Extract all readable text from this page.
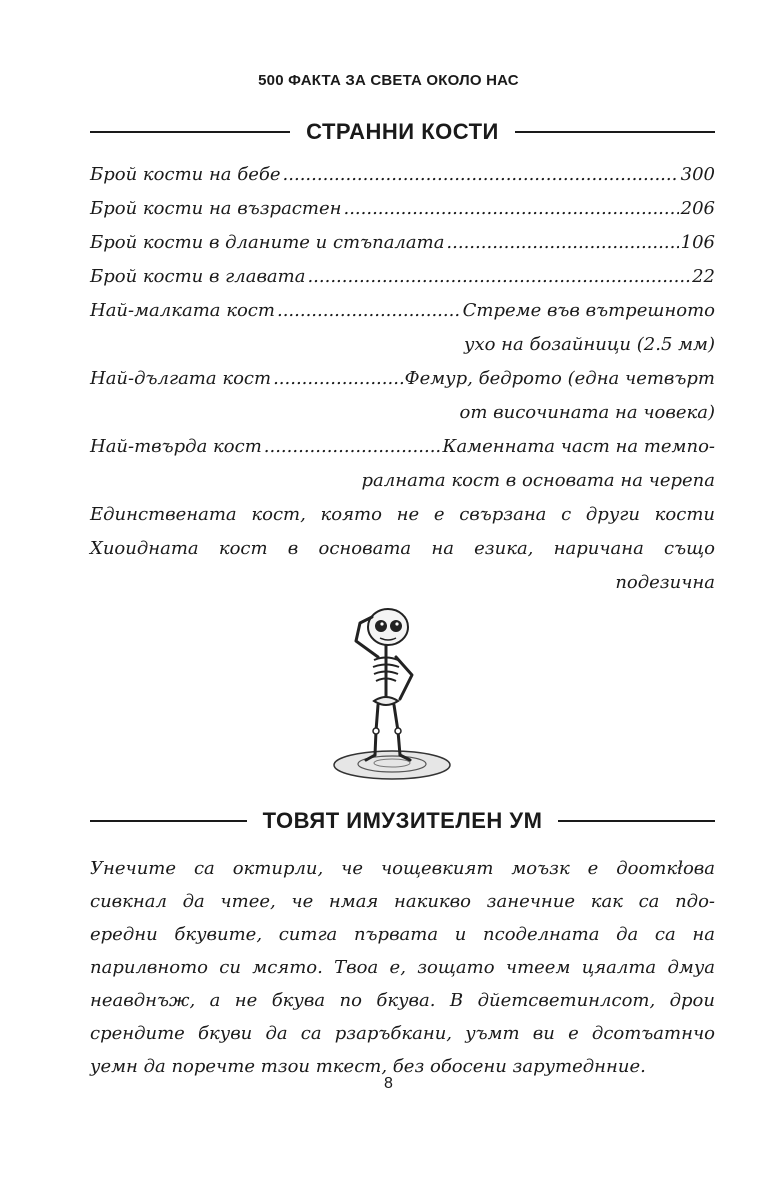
500 ФАКТА ЗА СВЕТА ОКОЛО НАС
СТРАННИ КОСТИ
Брой кости на бебе .....	300
Брой кости на възрастен .....	206
Брой кости в дланите и стъпалата .....	106
Брой кости в главата .....	22
Най-малката кост .....	Стреме във вътрешното
ухо на бозайници (2.5 мм)
Най-дългата кост .....	Фемур, бедрото (една четвърт
от височината на човека)
Най-твърда кост .....	Каменната част на темпо-
ралната кост в основата на черепа
Единствената кост, която не е свързана с други кости
Хиоидната кост в основата на езика, наричана също
подезична
ТОВЯТ ИМУЗИТЕЛЕН УМ
Унечите са октирли, че чощевкият моъзк е дооткłова
сивкнал да чтее, че нмая накикво занечние как са пдо-
ередни бкувите, ситга първата и псоделната да са на
парилвното си мсято. Твоа е, зощато чтеем цяалта дмуа
неавднъж, а не бкува по бкува. В дйетсветинлсот, дрои
срендите бкуви да са рзаръбкани, уъмт ви е дсотъатнчо
уемн да поречте тзои ткест, без обосени зарутеднние.
8
